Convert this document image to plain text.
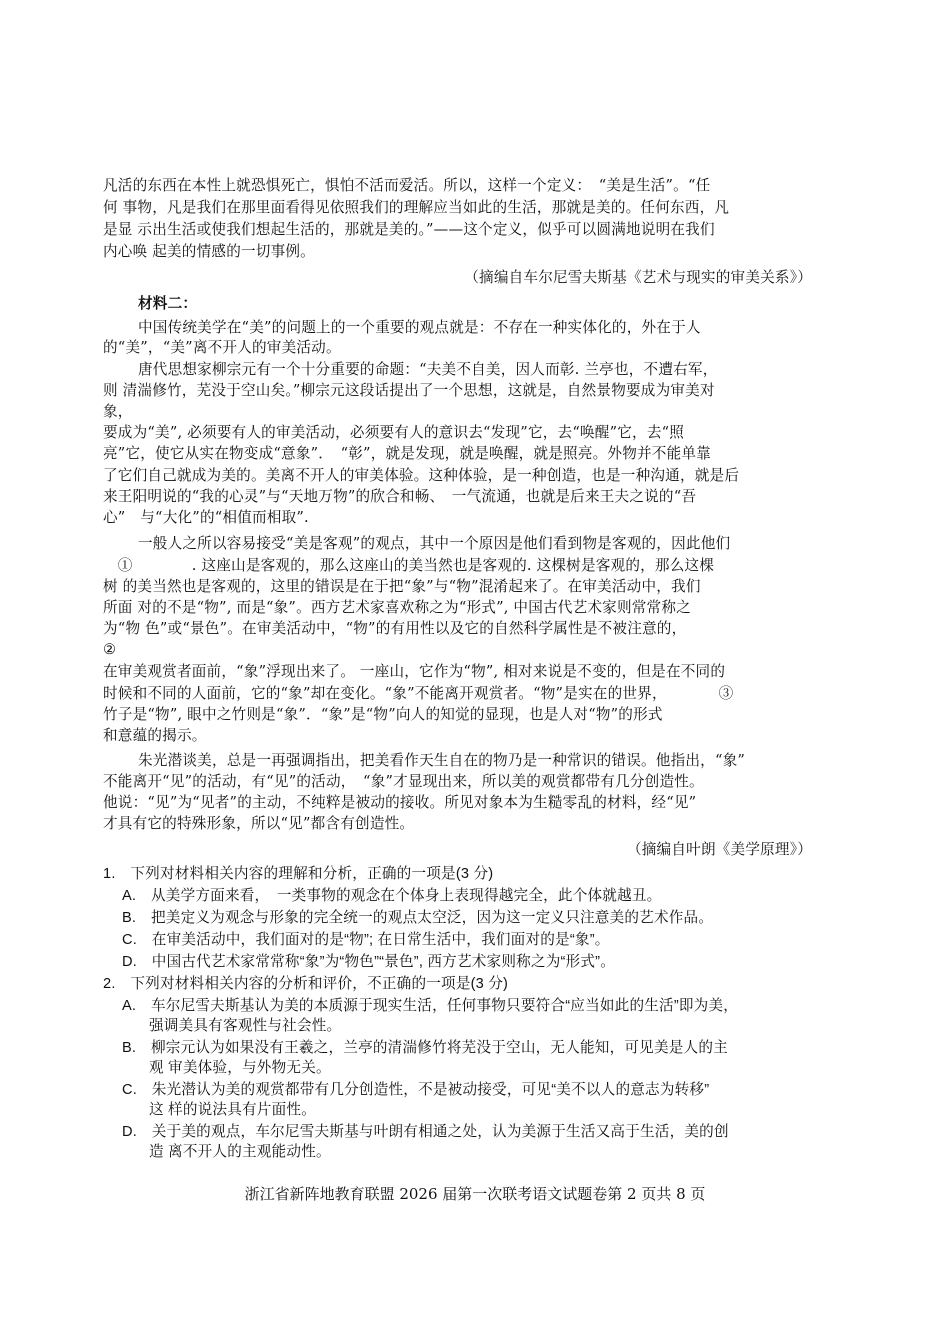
凡活的东西在本性上就恐惧死亡，惧怕不活而爱活。所以，这样一个定义：　“美是生活”。“任
何 事物，凡是我们在那里面看得见依照我们的理解应当如此的生活，那就是美的。任何东西，凡
是显 示出生活或使我们想起生活的，那就是美的。”——这个定义，似乎可以圆满地说明在我们
内心唤 起美的情感的一切事例。
（摘编自车尔尼雪夫斯基《艺术与现实的审美关系》）
材料二：
中国传统美学在“美”的问题上的一个重要的观点就是：不存在一种实体化的，外在于人
的“美”，“美”离不开人的审美活动。
唐代思想家柳宗元有一个十分重要的命题：“夫美不自美，因人而彰. 兰亭也，不遭右军，
则 清湍修竹，芜没于空山矣。”柳宗元这段话提出了一个思想，这就是，自然景物要成为审美对
象，
要成为“美”, 必须要有人的审美活动，必须要有人的意识去“发现”它，去“唤醒”它，去“照
亮”它，使它从实在物变成“意象”．　“彰”，就是发现，就是唤醒，就是照亮。外物并不能单靠
了它们自己就成为美的。美离不开人的审美体验。这种体验，是一种创造，也是一种沟通，就是后
来王阳明说的“我的心灵”与“天地万物”的欣合和畅、　一气流通，也就是后来王夫之说的“吾
心”　与“大化”的“相值而相取”.
一般人之所以容易接受“美是客观”的观点，其中一个原因是他们看到物是客观的，因此他们
　①　　　　. 这座山是客观的，那么这座山的美当然也是客观的. 这棵树是客观的，那么这棵
树 的美当然也是客观的，这里的错误是在于把“象”与“物”混淆起来了。在审美活动中，我们
所面 对的不是“物”, 而是“象”。西方艺术家喜欢称之为“形式”, 中国古代艺术家则常常称之
为“物 色”或“景色”。在审美活动中，“物”的有用性以及它的自然科学属性是不被注意的，
②
在审美观赏者面前，“象”浮现出来了。 一座山，它作为“物”, 相对来说是不变的，但是在不同的
时候和不同的人面前，它的“象”却在变化。“象”不能离开观赏者。“物”是实在的世界，　　　　③
竹子是“物”, 眼中之竹则是“象”．“象”是“物”向人的知觉的显现，也是人对“物”的形式
和意蕴的揭示。
朱光潜谈美，总是一再强调指出，把美看作天生自在的物乃是一种常识的错误。他指出，“象”
不能离开“见”的活动，有“见”的活动，　“象”才显现出来，所以美的观赏都带有几分创造性。
他说：“见”为“见者”的主动，不纯粹是被动的接收。所见对象本为生糙零乱的材料，经“见”
才具有它的特殊形象，所以“见”都含有创造性。
（摘编自叶朗《美学原理》）
1.　下列对材料相关内容的理解和分析，正确的一项是(3 分)
A.　从美学方面来看，　一类事物的观念在个体身上表现得越完全，此个体就越丑。
B.　把美定义为观念与形象的完全统一的观点太空泛，因为这一定义只注意美的艺术作品。
C.　在审美活动中，我们面对的是“物”; 在日常生活中，我们面对的是“象”。
D.　中国古代艺术家常常称“象”为“物色”“景色”, 西方艺术家则称之为“形式”。
2.　下列对材料相关内容的分析和评价，不正确的一项是(3 分)
A.　车尔尼雪夫斯基认为美的本质源于现实生活，任何事物只要符合“应当如此的生活”即为美，
强调美具有客观性与社会性。
B.　柳宗元认为如果没有王羲之，兰亭的清湍修竹将芜没于空山，无人能知，可见美是人的主
观 审美体验，与外物无关。
C.　朱光潜认为美的观赏都带有几分创造性，不是被动接受，可见“美不以人的意志为转移”
这 样的说法具有片面性。
D.　关于美的观点，车尔尼雪夫斯基与叶朗有相通之处，认为美源于生活又高于生活，美的创
造 离不开人的主观能动性。
浙江省新阵地教育联盟 2026 届第一次联考语文试题卷第 2 页共 8 页
